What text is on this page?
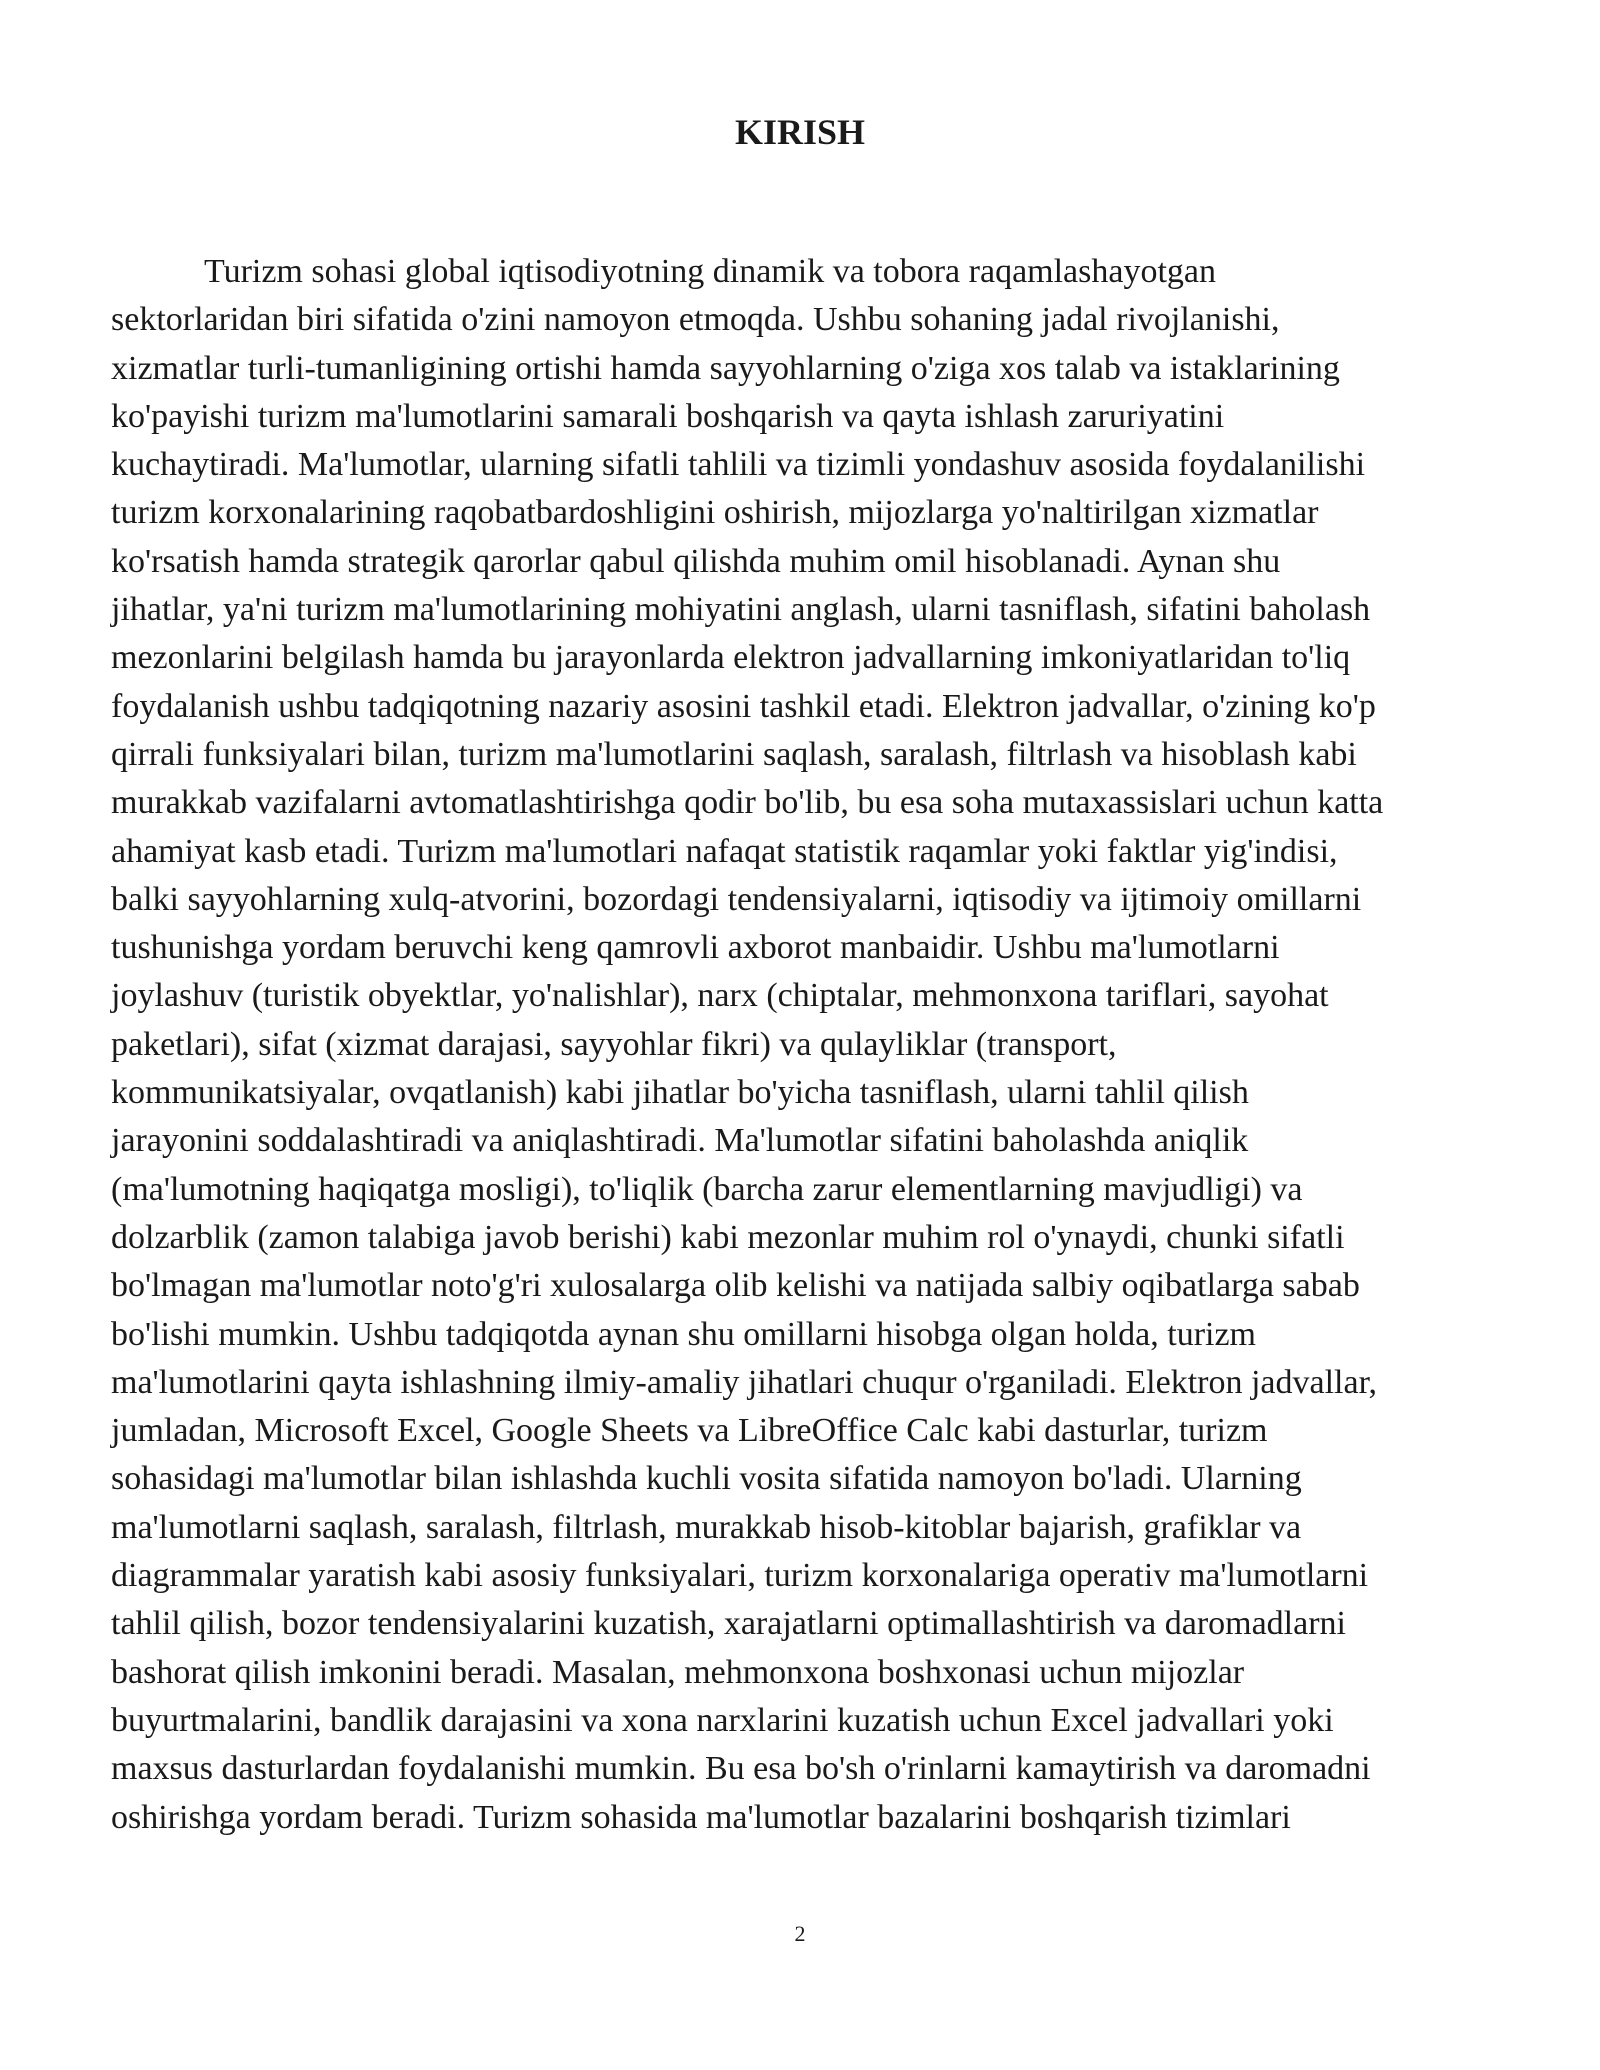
KIRISH

Turizm sohasi global iqtisodiyotning dinamik va tobora raqamlashayotgan
sektorlaridan biri sifatida o'zini namoyon etmoqda. Ushbu sohaning jadal rivojlanishi,
xizmatlar turli-tumanligining ortishi hamda sayyohlarning o'ziga xos talab va istaklarining
ko'payishi turizm ma'lumotlarini samarali boshqarish va qayta ishlash zaruriyatini
kuchaytiradi. Ma'lumotlar, ularning sifatli tahlili va tizimli yondashuv asosida foydalanilishi
turizm korxonalarining raqobatbardoshligini oshirish, mijozlarga yo'naltirilgan xizmatlar
ko'rsatish hamda strategik qarorlar qabul qilishda muhim omil hisoblanadi. Aynan shu
jihatlar, ya'ni turizm ma'lumotlarining mohiyatini anglash, ularni tasniflash, sifatini baholash
mezonlarini belgilash hamda bu jarayonlarda elektron jadvallarning imkoniyatlaridan to'liq
foydalanish ushbu tadqiqotning nazariy asosini tashkil etadi. Elektron jadvallar, o'zining ko'p
qirrali funksiyalari bilan, turizm ma'lumotlarini saqlash, saralash, filtrlash va hisoblash kabi
murakkab vazifalarni avtomatlashtirishga qodir bo'lib, bu esa soha mutaxassislari uchun katta
ahamiyat kasb etadi. Turizm ma'lumotlari nafaqat statistik raqamlar yoki faktlar yig'indisi,
balki sayyohlarning xulq-atvorini, bozordagi tendensiyalarni, iqtisodiy va ijtimoiy omillarni
tushunishga yordam beruvchi keng qamrovli axborot manbaidir. Ushbu ma'lumotlarni
joylashuv (turistik obyektlar, yo'nalishlar), narx (chiptalar, mehmonxona tariflari, sayohat
paketlari), sifat (xizmat darajasi, sayyohlar fikri) va qulayliklar (transport,
kommunikatsiyalar, ovqatlanish) kabi jihatlar bo'yicha tasniflash, ularni tahlil qilish
jarayonini soddalashtiradi va aniqlashtiradi. Ma'lumotlar sifatini baholashda aniqlik
(ma'lumotning haqiqatga mosligi), to'liqlik (barcha zarur elementlarning mavjudligi) va
dolzarblik (zamon talabiga javob berishi) kabi mezonlar muhim rol o'ynaydi, chunki sifatli
bo'lmagan ma'lumotlar noto'g'ri xulosalarga olib kelishi va natijada salbiy oqibatlarga sabab
bo'lishi mumkin. Ushbu tadqiqotda aynan shu omillarni hisobga olgan holda, turizm
ma'lumotlarini qayta ishlashning ilmiy-amaliy jihatlari chuqur o'rganiladi. Elektron jadvallar,
jumladan, Microsoft Excel, Google Sheets va LibreOffice Calc kabi dasturlar, turizm
sohasidagi ma'lumotlar bilan ishlashda kuchli vosita sifatida namoyon bo'ladi. Ularning
ma'lumotlarni saqlash, saralash, filtrlash, murakkab hisob-kitoblar bajarish, grafiklar va
diagrammalar yaratish kabi asosiy funksiyalari, turizm korxonalariga operativ ma'lumotlarni
tahlil qilish, bozor tendensiyalarini kuzatish, xarajatlarni optimallashtirish va daromadlarni
bashorat qilish imkonini beradi. Masalan, mehmonxona boshxonasi uchun mijozlar
buyurtmalarini, bandlik darajasini va xona narxlarini kuzatish uchun Excel jadvallari yoki
maxsus dasturlardan foydalanishi mumkin. Bu esa bo'sh o'rinlarni kamaytirish va daromadni
oshirishga yordam beradi. Turizm sohasida ma'lumotlar bazalarini boshqarish tizimlari

2
